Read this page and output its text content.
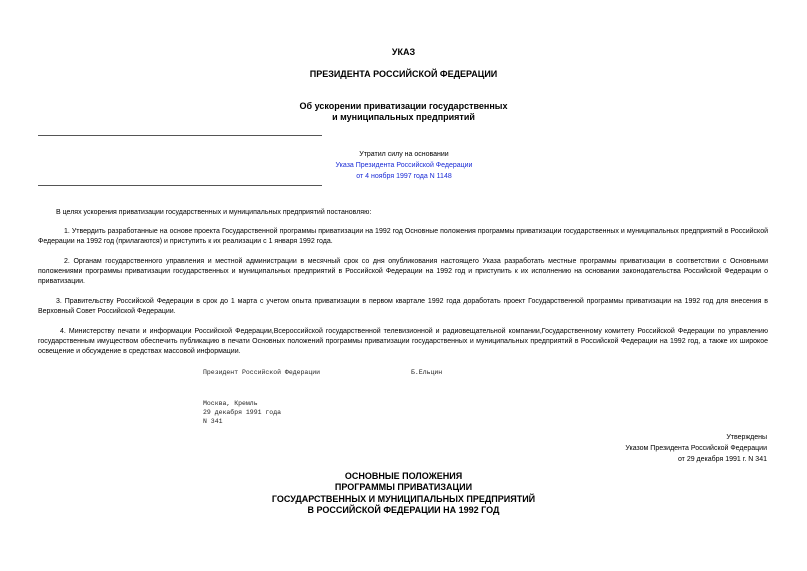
УКАЗ
ПРЕЗИДЕНТА РОССИЙСКОЙ ФЕДЕРАЦИИ
Об ускорении приватизации государственных
и муниципальных предприятий
Утратил силу на основании
Указа Президента Российской Федерации
от 4 ноября 1997 года N 1148
В целях ускорения приватизации государственных и муниципальных предприятий постановляю:
1. Утвердить разработанные на основе проекта Государственной программы приватизации на 1992 год Основные положения программы приватизации государственных и муниципальных предприятий в Российской Федерации на 1992 год (прилагаются) и приступить к их реализации с 1 января 1992 года.
2. Органам государственного управления и местной администрации в месячный срок со дня опубликования настоящего Указа разработать местные программы приватизации в соответствии с Основными положениями программы приватизации государственных и муниципальных предприятий в Российской Федерации на 1992 год и приступить к их исполнению на основании законодательства Российской Федерации о приватизации.
3. Правительству Российской Федерации в срок до 1 марта с учетом опыта приватизации в первом квартале 1992 года доработать проект Государственной программы приватизации на 1992 год для внесения в Верховный Совет Российской Федерации.
4. Министерству печати и информации Российской Федерации,Всероссийской государственной телевизионной и радиовещательной компании,Государственному комитету Российской Федерации по управлению государственным имуществом обеспечить публикацию в печати Основных положений программы приватизации государственных и муниципальных предприятий в Российской Федерации на 1992 год, а также их широкое освещение и обсуждение в средствах массовой информации.
Президент Российской Федерации	Б.Ельцин
Москва, Кремль
29 декабря 1991 года
N 341
Утверждены
Указом Президента Российской Федерации
от 29 декабря 1991 г. N 341
ОСНОВНЫЕ ПОЛОЖЕНИЯ
ПРОГРАММЫ ПРИВАТИЗАЦИИ
ГОСУДАРСТВЕННЫХ И МУНИЦИПАЛЬНЫХ ПРЕДПРИЯТИЙ
В РОССИЙСКОЙ ФЕДЕРАЦИИ НА 1992 ГОД
